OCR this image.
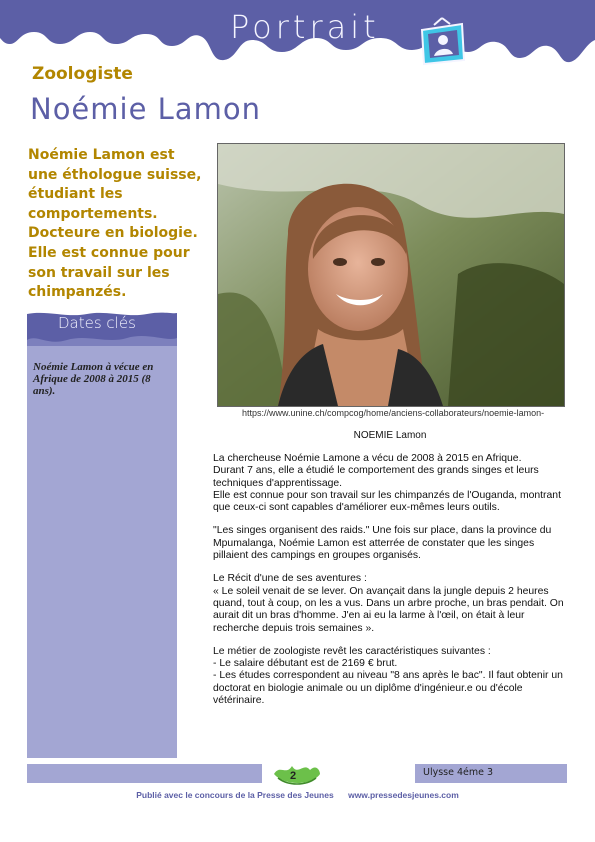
Portrait
Zoologiste
Noémie Lamon
Noémie Lamon est une éthologue suisse, étudiant les comportements. Docteure en biologie. Elle est connue pour son travail sur les chimpanzés.
Dates clés
Noémie Lamon à vécue en Afrique de 2008 à 2015 (8 ans).
https://www.unine.ch/compcog/home/anciens-collaborateurs/noemie-lamon-
NOEMIE Lamon

La chercheuse Noémie Lamone a vécu de 2008 à 2015 en Afrique.
Durant 7 ans, elle a étudié le comportement des grands singes et leurs techniques d'apprentissage.
Elle est connue pour son travail sur les chimpanzés de l'Ouganda, montrant que ceux-ci sont capables d'améliorer eux-mêmes leurs outils.

"Les singes organisent des raids." Une fois sur place, dans la province du Mpumalanga, Noémie Lamon est atterrée de constater que les singes pillaient des campings en groupes organisés.

Le Récit d'une de ses aventures :
« Le soleil venait de se lever. On avançait dans la jungle depuis 2 heures quand, tout à coup, on les a vus. Dans un arbre proche, un bras pendait. On aurait dit un bras d'homme. J'en ai eu la larme à l'œil, on était à leur recherche depuis trois semaines ».

Le métier de zoologiste revêt les caractéristiques suivantes :
- Le salaire débutant est de 2169 € brut.
- Les études correspondent au niveau "8 ans après le bac". Il faut obtenir un doctorat en biologie animale ou un diplôme d'ingénieur.e ou d'école vétérinaire.

2	Ulysse 4éme 3
Publié avec le concours de la Presse des Jeunes www.pressedesjeunes.com
